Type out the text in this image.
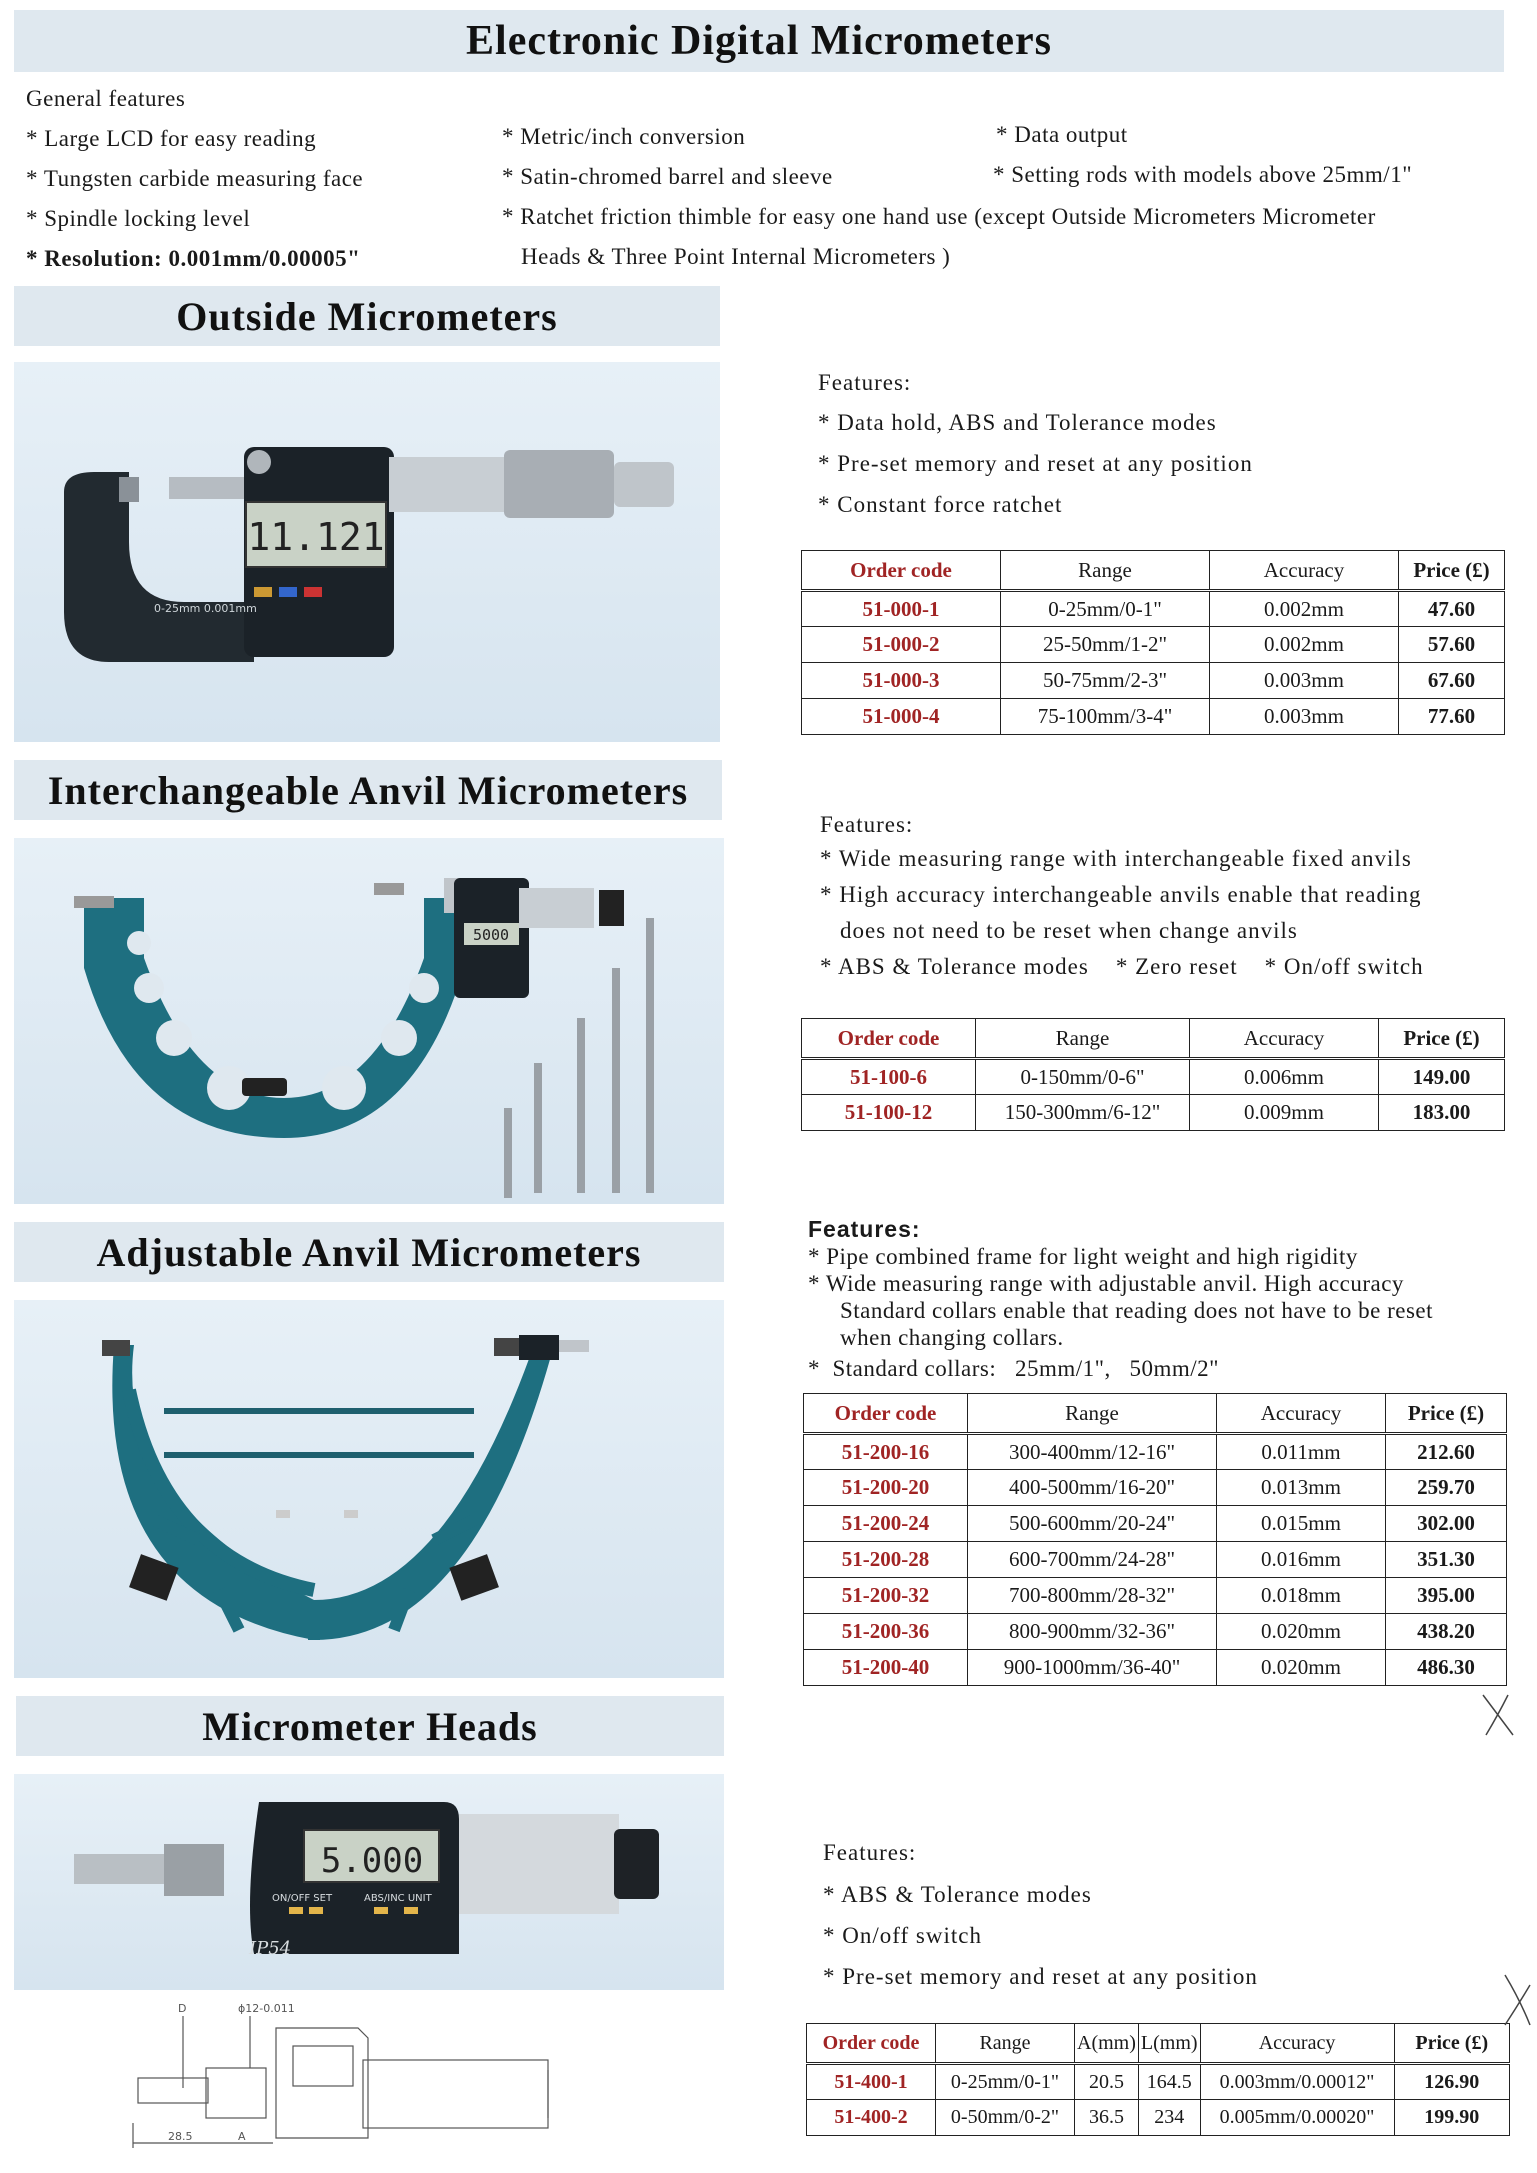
Electronic Digital Micrometers
General features
* Large LCD for easy reading
* Tungsten carbide measuring face
* Spindle locking level
* Resolution: 0.001mm/0.00005"
* Metric/inch conversion
* Satin-chromed barrel and sleeve
* Data output
* Setting rods with models above 25mm/1"
* Ratchet friction thimble for easy one hand use (except Outside Micrometers Micrometer
Heads & Three Point Internal Micrometers )
Outside Micrometers
11.121
0-25mm 0.001mm
Features:
* Data hold, ABS and Tolerance modes
* Pre-set memory and reset at any position
* Constant force ratchet
Order code	Range	Accuracy	Price (£)
51-000-1	0-25mm/0-1"	0.002mm	47.60
51-000-2	25-50mm/1-2"	0.002mm	57.60
51-000-3	50-75mm/2-3"	0.003mm	67.60
51-000-4	75-100mm/3-4"	0.003mm	77.60
Interchangeable Anvil Micrometers
5000
Features:
* Wide measuring range with interchangeable fixed anvils
* High accuracy interchangeable anvils enable that reading
does not need to be reset when change anvils
* ABS & Tolerance modes    * Zero reset    * On/off switch
Order code	Range	Accuracy	Price (£)
51-100-6	0-150mm/0-6"	0.006mm	149.00
51-100-12	150-300mm/6-12"	0.009mm	183.00
Adjustable Anvil Micrometers
Features:
* Pipe combined frame for light weight and high rigidity
* Wide measuring range with adjustable anvil. High accuracy
Standard collars enable that reading does not have to be reset
when changing collars.
*  Standard collars:   25mm/1",   50mm/2"
Order code	Range	Accuracy	Price (£)
51-200-16	300-400mm/12-16"	0.011mm	212.60
51-200-20	400-500mm/16-20"	0.013mm	259.70
51-200-24	500-600mm/20-24"	0.015mm	302.00
51-200-28	600-700mm/24-28"	0.016mm	351.30
51-200-32	700-800mm/28-32"	0.018mm	395.00
51-200-36	800-900mm/32-36"	0.020mm	438.20
51-200-40	900-1000mm/36-40"	0.020mm	486.30
Micrometer Heads
5.000
ON/OFF SET	ABS/INC UNIT
IP54
D	ϕ12-0.011
28.5	A
Features:
* ABS & Tolerance modes
* On/off switch
* Pre-set memory and reset at any position
Order code	Range	A(mm)	L(mm)	Accuracy	Price (£)
51-400-1	0-25mm/0-1"	20.5	164.5	0.003mm/0.00012"	126.90
51-400-2	0-50mm/0-2"	36.5	234	0.005mm/0.00020"	199.90
